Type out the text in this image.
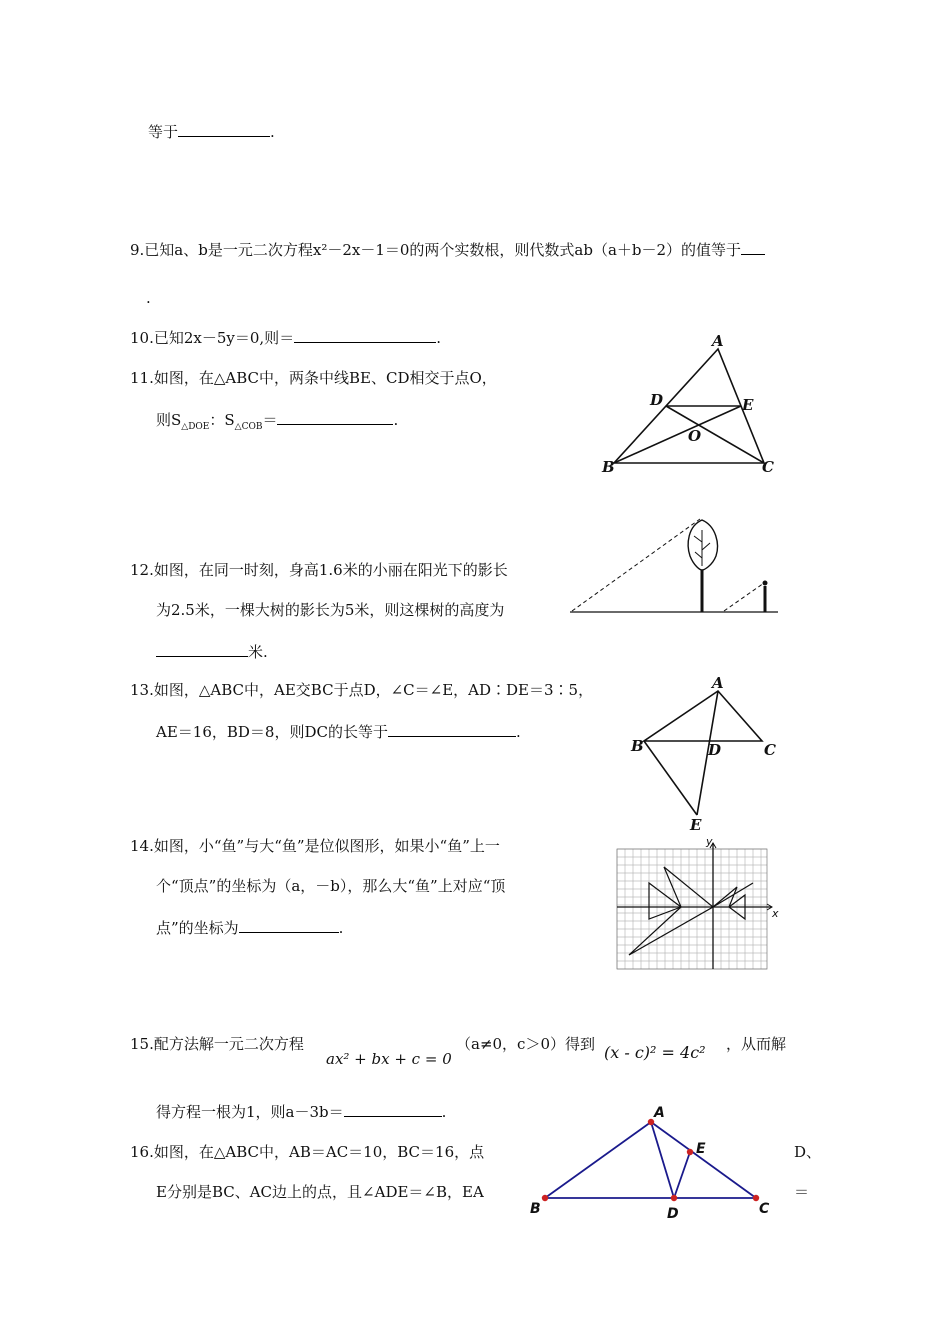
等于	.
9.已知a、b是一元二次方程x²－2x－1＝0的两个实数根，则代数式ab（a＋b－2）的值等于
.
10.已知2x－5y＝0,则＝	.
11.如图，在△ABC中，两条中线BE、CD相交于点O，
则$S_{\triangle DOE}$：$S_{\triangle COB}=$	.
A
B	C
D	E
O
12.如图，在同一时刻，身高1.6米的小丽在阳光下的影长
为2.5米，一棵大树的影长为5米，则这棵树的高度为
米.
13.如图，△ABC中，AE交BC于点D，∠C＝∠E，AD∶DE＝3∶5，
AE＝16，BD＝8，则DC的长等于	.
A
B	C
D
E
14.如图，小“鱼”与大“鱼”是位似图形，如果小“鱼”上一
个“顶点”的坐标为（a，－b），那么大“鱼”上对应“顶
点”的坐标为	.
x
y
15.配方法解一元二次方程
ax² + bx + c = 0
（a≠0，c＞0）得到 (x - c)² = 4c² ，从而解
得方程一根为1，则a－3b＝	.
16.如图，在△ABC中，AB＝AC＝10，BC＝16，点	D、
E分别是BC、AC边上的点，且∠ADE＝∠B，EA	＝
A
B	C
D
E
